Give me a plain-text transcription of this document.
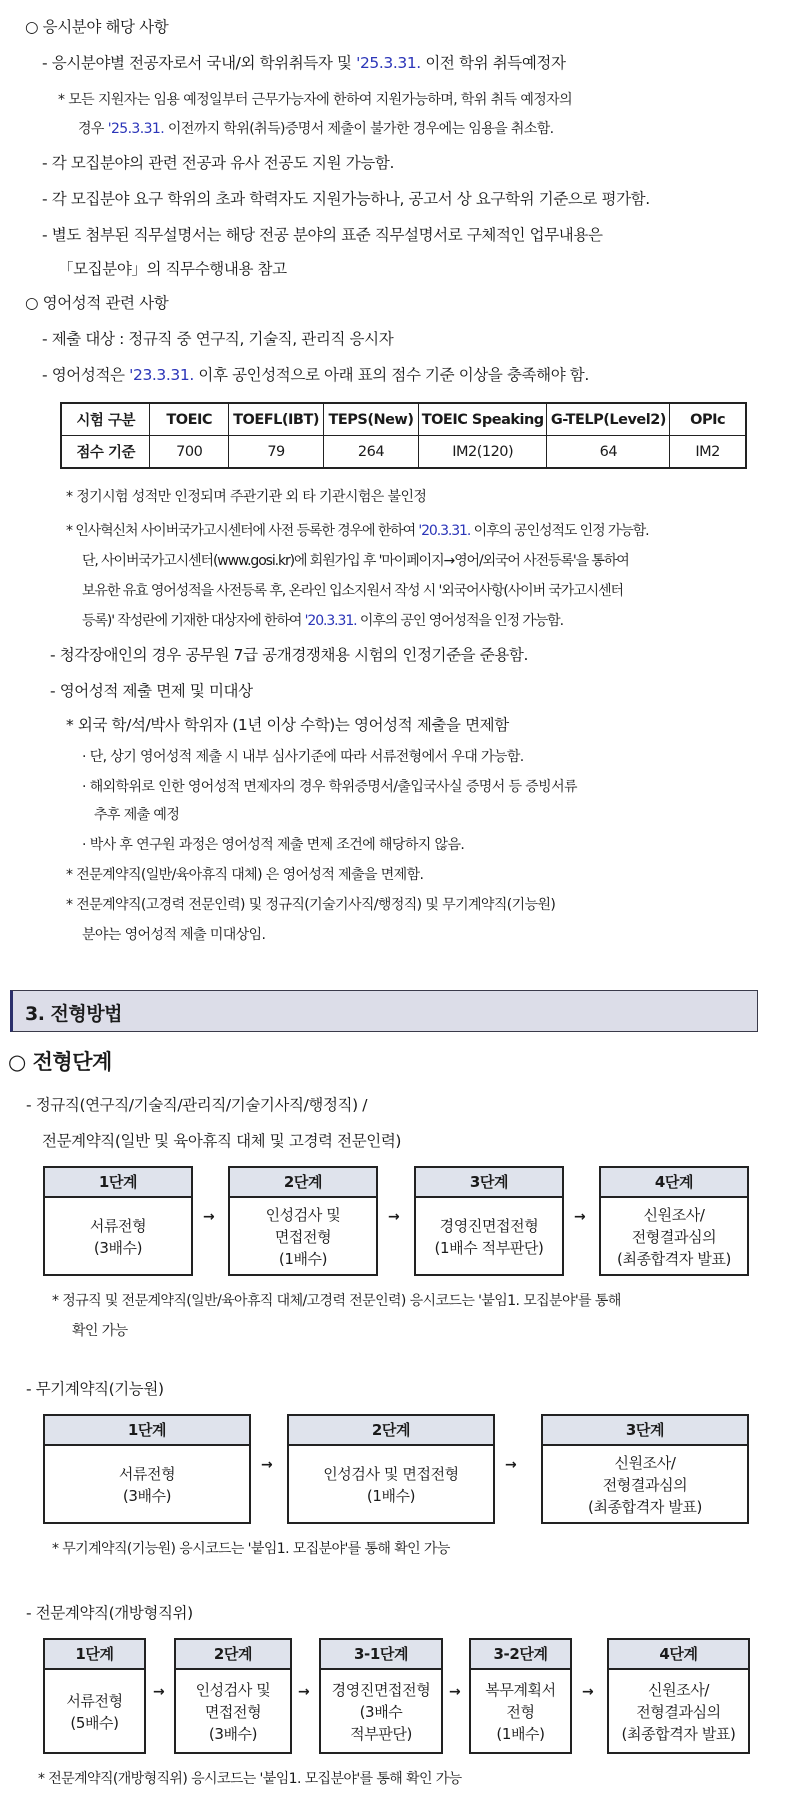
○ 응시분야 해당 사항
- 응시분야별 전공자로서 국내/외 학위취득자 및 '25.3.31. 이전 학위 취득예정자
* 모든 지원자는 임용 예정일부터 근무가능자에 한하여 지원가능하며, 학위 취득 예정자의
경우 '25.3.31. 이전까지 학위(취득)증명서 제출이 불가한 경우에는 임용을 취소함.
- 각 모집분야의 관련 전공과 유사 전공도 지원 가능함.
- 각 모집분야 요구 학위의 초과 학력자도 지원가능하나, 공고서 상 요구학위 기준으로 평가함.
- 별도 첨부된 직무설명서는 해당 전공 분야의 표준 직무설명서로 구체적인 업무내용은
「모집분야」의 직무수행내용 참고
○ 영어성적 관련 사항
- 제출 대상 : 정규직 중 연구직, 기술직, 관리직 응시자
- 영어성적은 '23.3.31. 이후 공인성적으로 아래 표의 점수 기준 이상을 충족해야 함.
시험 구분	TOEIC	TOEFL(IBT)	TEPS(New)	TOEIC Speaking	G-TELP(Level2)	OPIc
점수 기준	700	79	264	IM2(120)	64	IM2
* 정기시험 성적만 인정되며 주관기관 외 타 기관시험은 불인정
* 인사혁신처 사이버국가고시센터에 사전 등록한 경우에 한하여 '20.3.31. 이후의 공인성적도 인정 가능함.
단, 사이버국가고시센터(www.gosi.kr)에 회원가입 후 '마이페이지→영어/외국어 사전등록'을 통하여
보유한 유효 영어성적을 사전등록 후, 온라인 입소지원서 작성 시 '외국어사항(사이버 국가고시센터
등록)' 작성란에 기재한 대상자에 한하여 '20.3.31. 이후의 공인 영어성적을 인정 가능함.
- 청각장애인의 경우 공무원 7급 공개경쟁채용 시험의 인정기준을 준용함.
- 영어성적 제출 면제 및 미대상
* 외국 학/석/박사 학위자 (1년 이상 수학)는 영어성적 제출을 면제함
· 단, 상기 영어성적 제출 시 내부 심사기준에 따라 서류전형에서 우대 가능함.
· 해외학위로 인한 영어성적 면제자의 경우 학위증명서/출입국사실 증명서 등 증빙서류
추후 제출 예정
· 박사 후 연구원 과정은 영어성적 제출 면제 조건에 해당하지 않음.
* 전문계약직(일반/육아휴직 대체) 은 영어성적 제출을 면제함.
* 전문계약직(고경력 전문인력) 및 정규직(기술기사직/행정직) 및 무기계약직(기능원)
분야는 영어성적 제출 미대상임.
3. 전형방법
○ 전형단계
- 정규직(연구직/기술직/관리직/기술기사직/행정직) /
전문계약직(일반 및 육아휴직 대체 및 고경력 전문인력)
1단계
서류전형
(3배수)
→
2단계
인성검사 및
면접전형
(1배수)
→
3단계
경영진면접전형
(1배수 적부판단)
→
4단계
신원조사/
전형결과심의
(최종합격자 발표)
* 정규직 및 전문계약직(일반/육아휴직 대체/고경력 전문인력) 응시코드는 '붙임1. 모집분야'를 통해
확인 가능
- 무기계약직(기능원)
1단계
서류전형
(3배수)
→
2단계
인성검사 및 면접전형
(1배수)
→
3단계
신원조사/
전형결과심의
(최종합격자 발표)
* 무기계약직(기능원) 응시코드는 '붙임1. 모집분야'를 통해 확인 가능
- 전문계약직(개방형직위)
1단계
서류전형
(5배수)
→
2단계
인성검사 및
면접전형
(3배수)
→
3-1단계
경영진면접전형
(3배수
적부판단)
→
3-2단계
복무계획서
전형
(1배수)
→
4단계
신원조사/
전형결과심의
(최종합격자 발표)
* 전문계약직(개방형직위) 응시코드는 '붙임1. 모집분야'를 통해 확인 가능
